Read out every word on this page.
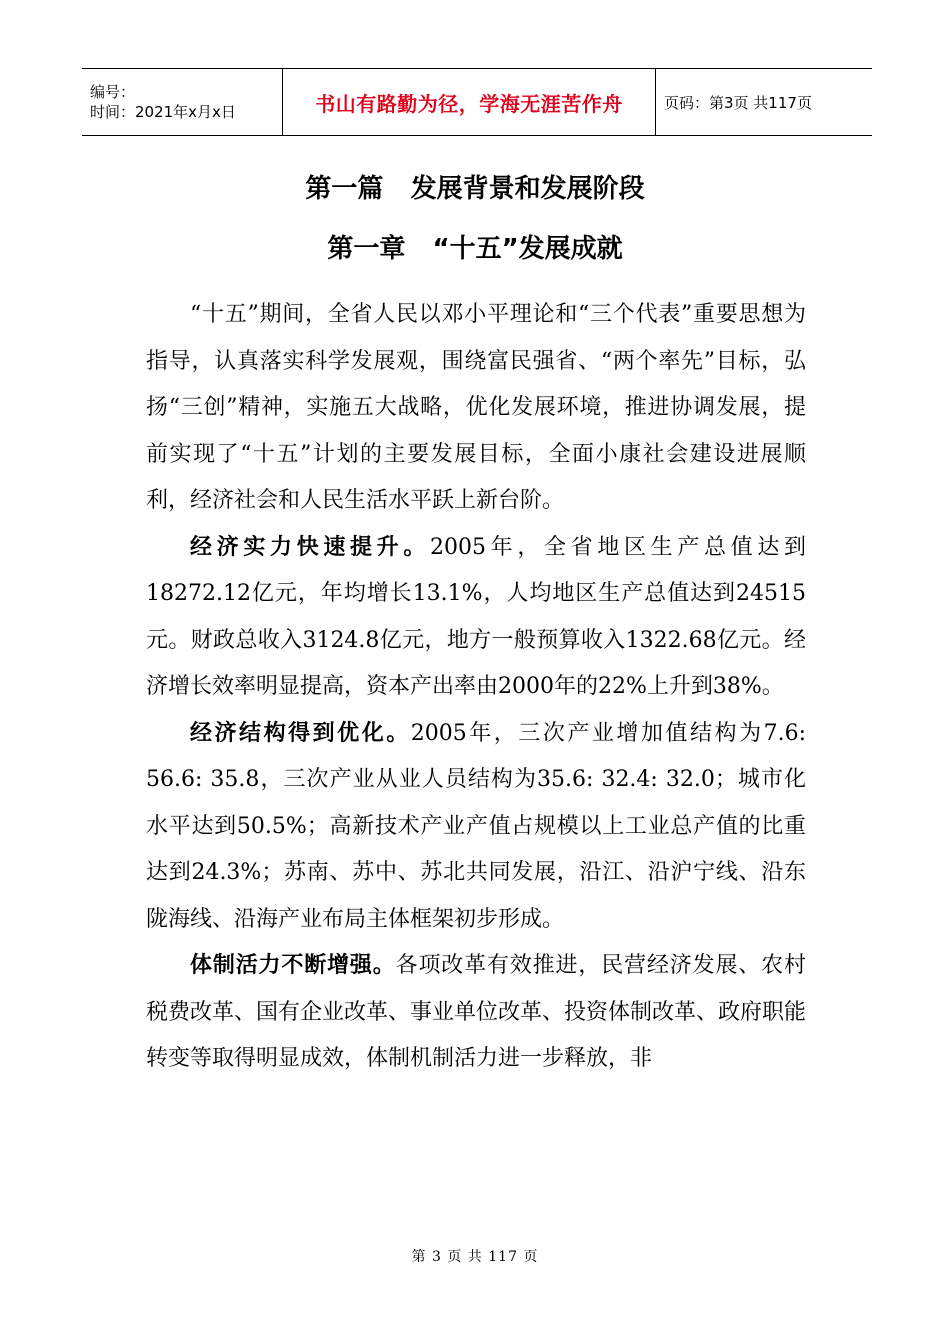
编号：
时间：2021年x月x日	书山有路勤为径，学海无涯苦作舟	页码：第3页 共117页
第一篇   发展背景和发展阶段
第一章   “十五”发展成就

“十五”期间，全省人民以邓小平理论和“三个代表”重要思想为指导，认真落实科学发展观，围绕富民强省、“两个率先”目标，弘扬“三创”精神，实施五大战略，优化发展环境，推进协调发展，提前实现了“十五”计划的主要发展目标，全面小康社会建设进展顺利，经济社会和人民生活水平跃上新台阶。

经济实力快速提升。2005年，全省地区生产总值达到18272.12亿元，年均增长13.1%，人均地区生产总值达到24515元。财政总收入3124.8亿元，地方一般预算收入1322.68亿元。经济增长效率明显提高，资本产出率由2000年的22%上升到38%。

经济结构得到优化。2005年，三次产业增加值结构为7.6: 56.6: 35.8，三次产业从业人员结构为35.6: 32.4: 32.0；城市化水平达到50.5%；高新技术产业产值占规模以上工业总产值的比重达到24.3%；苏南、苏中、苏北共同发展，沿江、沿沪宁线、沿东陇海线、沿海产业布局主体框架初步形成。

体制活力不断增强。各项改革有效推进，民营经济发展、农村税费改革、国有企业改革、事业单位改革、投资体制改革、政府职能转变等取得明显成效，体制机制活力进一步释放，非

第 3 页 共 117 页
